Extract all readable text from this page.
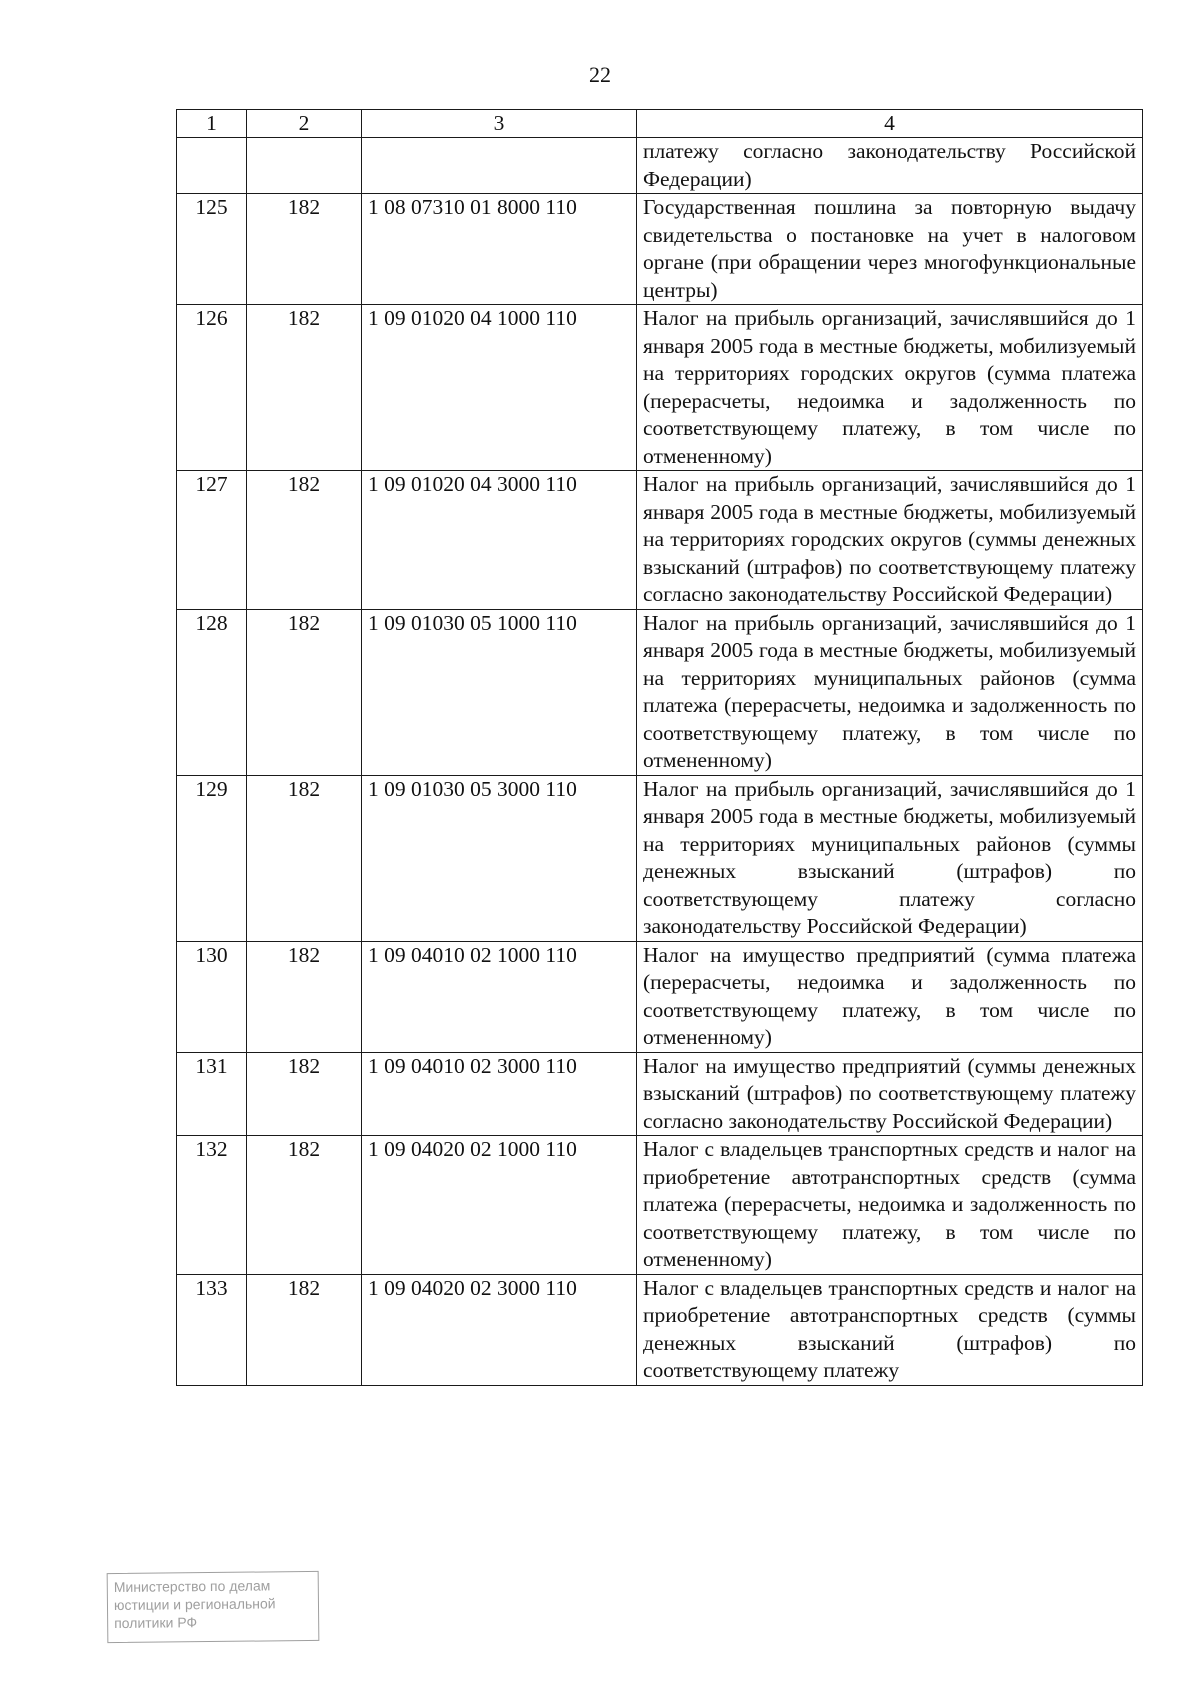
22
1	2	3	4
			платежу согласно законодательству Российской Федерации)
125	182	1 08 07310 01 8000 110	Государственная пошлина за повторную выдачу свидетельства о постановке на учет в налоговом органе (при обращении через многофункциональные центры)
126	182	1 09 01020 04 1000 110	Налог на прибыль организаций, зачислявшийся до 1 января 2005 года в местные бюджеты, мобилизуемый на территориях городских округов (сумма платежа (перерасчеты, недоимка и задолженность по соответствующему платежу, в том числе по отмененному)
127	182	1 09 01020 04 3000 110	Налог на прибыль организаций, зачислявшийся до 1 января 2005 года в местные бюджеты, мобилизуемый на территориях городских округов (суммы денежных взысканий (штрафов) по соответствующему платежу согласно законодательству Российской Федерации)
128	182	1 09 01030 05 1000 110	Налог на прибыль организаций, зачислявшийся до 1 января 2005 года в местные бюджеты, мобилизуемый на территориях муниципальных районов (сумма платежа (перерасчеты, недоимка и задолженность по соответствующему платежу, в том числе по отмененному)
129	182	1 09 01030 05 3000 110	Налог на прибыль организаций, зачислявшийся до 1 января 2005 года в местные бюджеты, мобилизуемый на территориях муниципальных районов (суммы денежных взысканий (штрафов) по соответствующему платежу согласно законодательству Российской Федерации)
130	182	1 09 04010 02 1000 110	Налог на имущество предприятий (сумма платежа (перерасчеты, недоимка и задолженность по соответствующему платежу, в том числе по отмененному)
131	182	1 09 04010 02 3000 110	Налог на имущество предприятий (суммы денежных взысканий (штрафов) по соответствующему платежу согласно законодательству Российской Федерации)
132	182	1 09 04020 02 1000 110	Налог с владельцев транспортных средств и налог на приобретение автотранспортных средств (сумма платежа (перерасчеты, недоимка и задолженность по соответствующему платежу, в том числе по отмененному)
133	182	1 09 04020 02 3000 110	Налог с владельцев транспортных средств и налог на приобретение автотранспортных средств (суммы денежных взысканий (штрафов) по соответствующему платежу
Министерство по делам
юстиции и региональной
политики РФ
